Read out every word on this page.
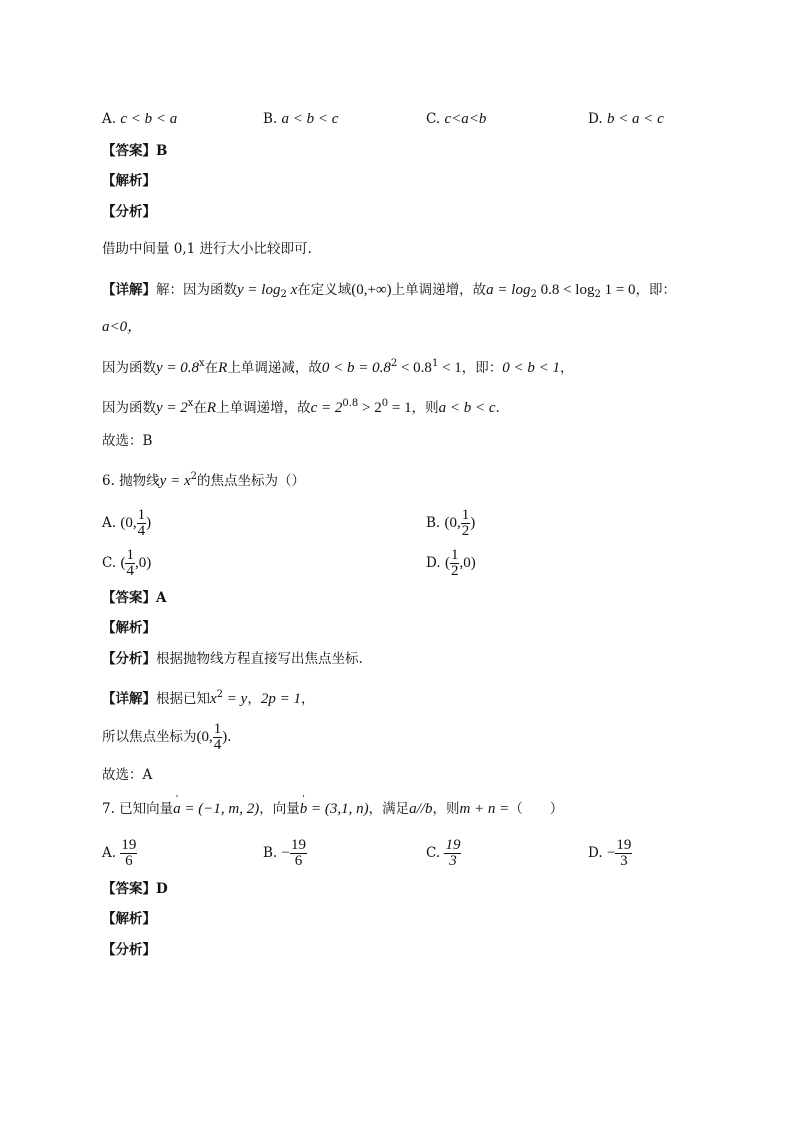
A. c < b < a	B. a < b < c	C. c<a<b	D. b < a < c
【答案】B
【解析】
【分析】
借助中间量 0,1 进行大小比较即可.
【详解】解：因为函数$y = \log_2 x$在定义域(0,+∞)上单调递增，故$a = \log_2 0.8 < \log_2 1 = 0$，即：
a<0，
因为函数$y = 0.8^x$在R上单调递减，故$0 < b = 0.8^2 < 0.8^1 < 1$，即：0 < b < 1，
因为函数$y = 2^x$在R上单调递增，故$c = 2^{0.8} > 2^0 = 1$，则a < b < c.
故选：B
6. 抛物线$y = x^2$的焦点坐标为（）
A. (0, $\frac{1}{4}$ )	B. (0, $\frac{1}{2}$ )
C. ( $\frac{1}{4} ,0$)	D. ( $\frac{1}{2} ,0$)
【答案】A
【解析】
【分析】根据抛物线方程直接写出焦点坐标.
【详解】根据已知$x^2 = y$，2p = 1，
所以焦点坐标为(0, $\frac{1}{4}$ ).
故选：A
7. 已知向量' a = (−1, m, 2)，向量' b = (3,1, n)，满足a//b，则m + n =（　　）
A. $\frac{19}{6}$	B. − $\frac{19}{6}$	C. $\frac{19}{3}$	D. − $\frac{19}{3}$
【答案】D
【解析】
【分析】
